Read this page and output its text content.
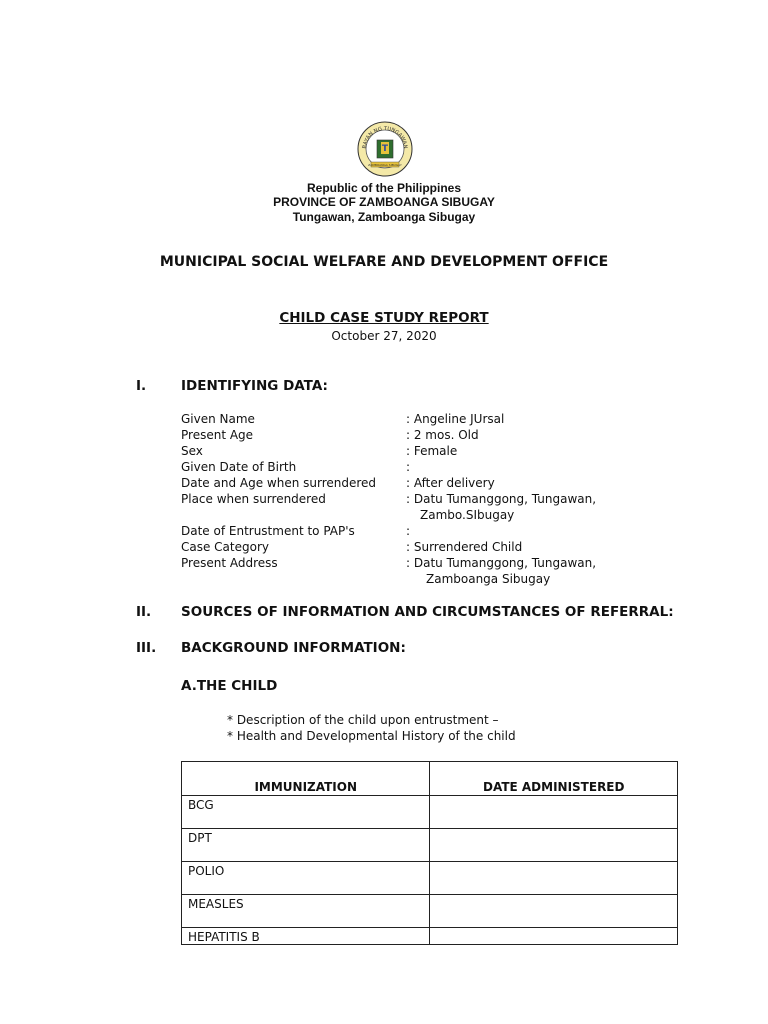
BAYAN NG TUNGAWAN
T
ZAMBOANGA SIBUGAY
Republic of the Philippines
PROVINCE OF ZAMBOANGA SIBUGAY
Tungawan, Zamboanga Sibugay
MUNICIPAL SOCIAL WELFARE AND DEVELOPMENT OFFICE
CHILD CASE STUDY REPORT
October 27, 2020
I.	IDENTIFYING DATA:
Given Name	: Angeline JUrsal
Present Age	: 2 mos. Old
Sex	: Female
Given Date of Birth	:
Date and Age when surrendered : After delivery
Place when surrendered	: Datu Tumanggong, Tungawan,
Zambo.SIbugay
Date of Entrustment to PAP's	:
Case Category	: Surrendered Child
Present Address	: Datu Tumanggong, Tungawan,
Zamboanga Sibugay
II. SOURCES OF INFORMATION AND CIRCUMSTANCES OF REFERRAL:
III. BACKGROUND INFORMATION:
A.THE CHILD
* Description of the child upon entrustment –
* Health and Developmental History of the child
IMMUNIZATION	DATE ADMINISTERED
BCG	
DPT	
POLIO	
MEASLES	
HEPATITIS B	
